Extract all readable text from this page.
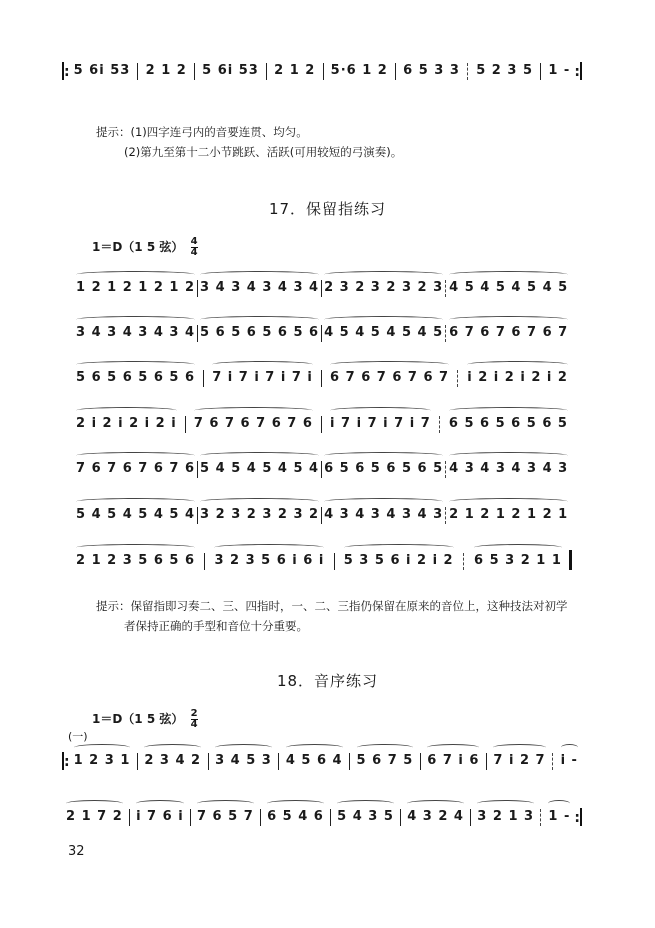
: 5 6i 53 2 1 2 5 6i 53 2 1 2 5·6 1 2 6 5 3 3 5 2 3 5 1 - :
提示：(1)四字连弓内的音要连贯、均匀。
(2)第九至第十二小节跳跃、活跃(可用较短的弓演奏)。
17．保留指练习
1＝D（1 5 弦） $\frac{4}{4}$
1 2 1 2 1 2 1 2 3 4 3 4 3 4 3 4 2 3 2 3 2 3 2 3 4 5 4 5 4 5 4 5
3 4 3 4 3 4 3 4 5 6 5 6 5 6 5 6 4 5 4 5 4 5 4 5 6 7 6 7 6 7 6 7
5 6 5 6 5 6 5 6 7 i 7 i 7 i 7 i 6 7 6 7 6 7 6 7 i 2 i 2 i 2 i 2
2 i 2 i 2 i 2 i 7 6 7 6 7 6 7 6 i 7 i 7 i 7 i 7 6 5 6 5 6 5 6 5
7 6 7 6 7 6 7 6 5 4 5 4 5 4 5 4 6 5 6 5 6 5 6 5 4 3 4 3 4 3 4 3
5 4 5 4 5 4 5 4 3 2 3 2 3 2 3 2 4 3 4 3 4 3 4 3 2 1 2 1 2 1 2 1
2 1 2 3 5 6 5 6 3 2 3 5 6 i 6 i 5 3 5 6 i 2 i 2 6 5 3 2 1 1
提示：保留指即习奏二、三、四指时，一、二、三指仍保留在原来的音位上，这种技法对初学
者保持正确的手型和音位十分重要。
18．音序练习
1＝D（1 5 弦） $\frac{2}{4}$
(一)
: 1 2 3 1 2 3 4 2 3 4 5 3 4 5 6 4 5 6 7 5 6 7 i 6 7 i 2 7 i -
2 1 7 2 i 7 6 i 7 6 5 7 6 5 4 6 5 4 3 5 4 3 2 4 3 2 1 3 1 - :
32
